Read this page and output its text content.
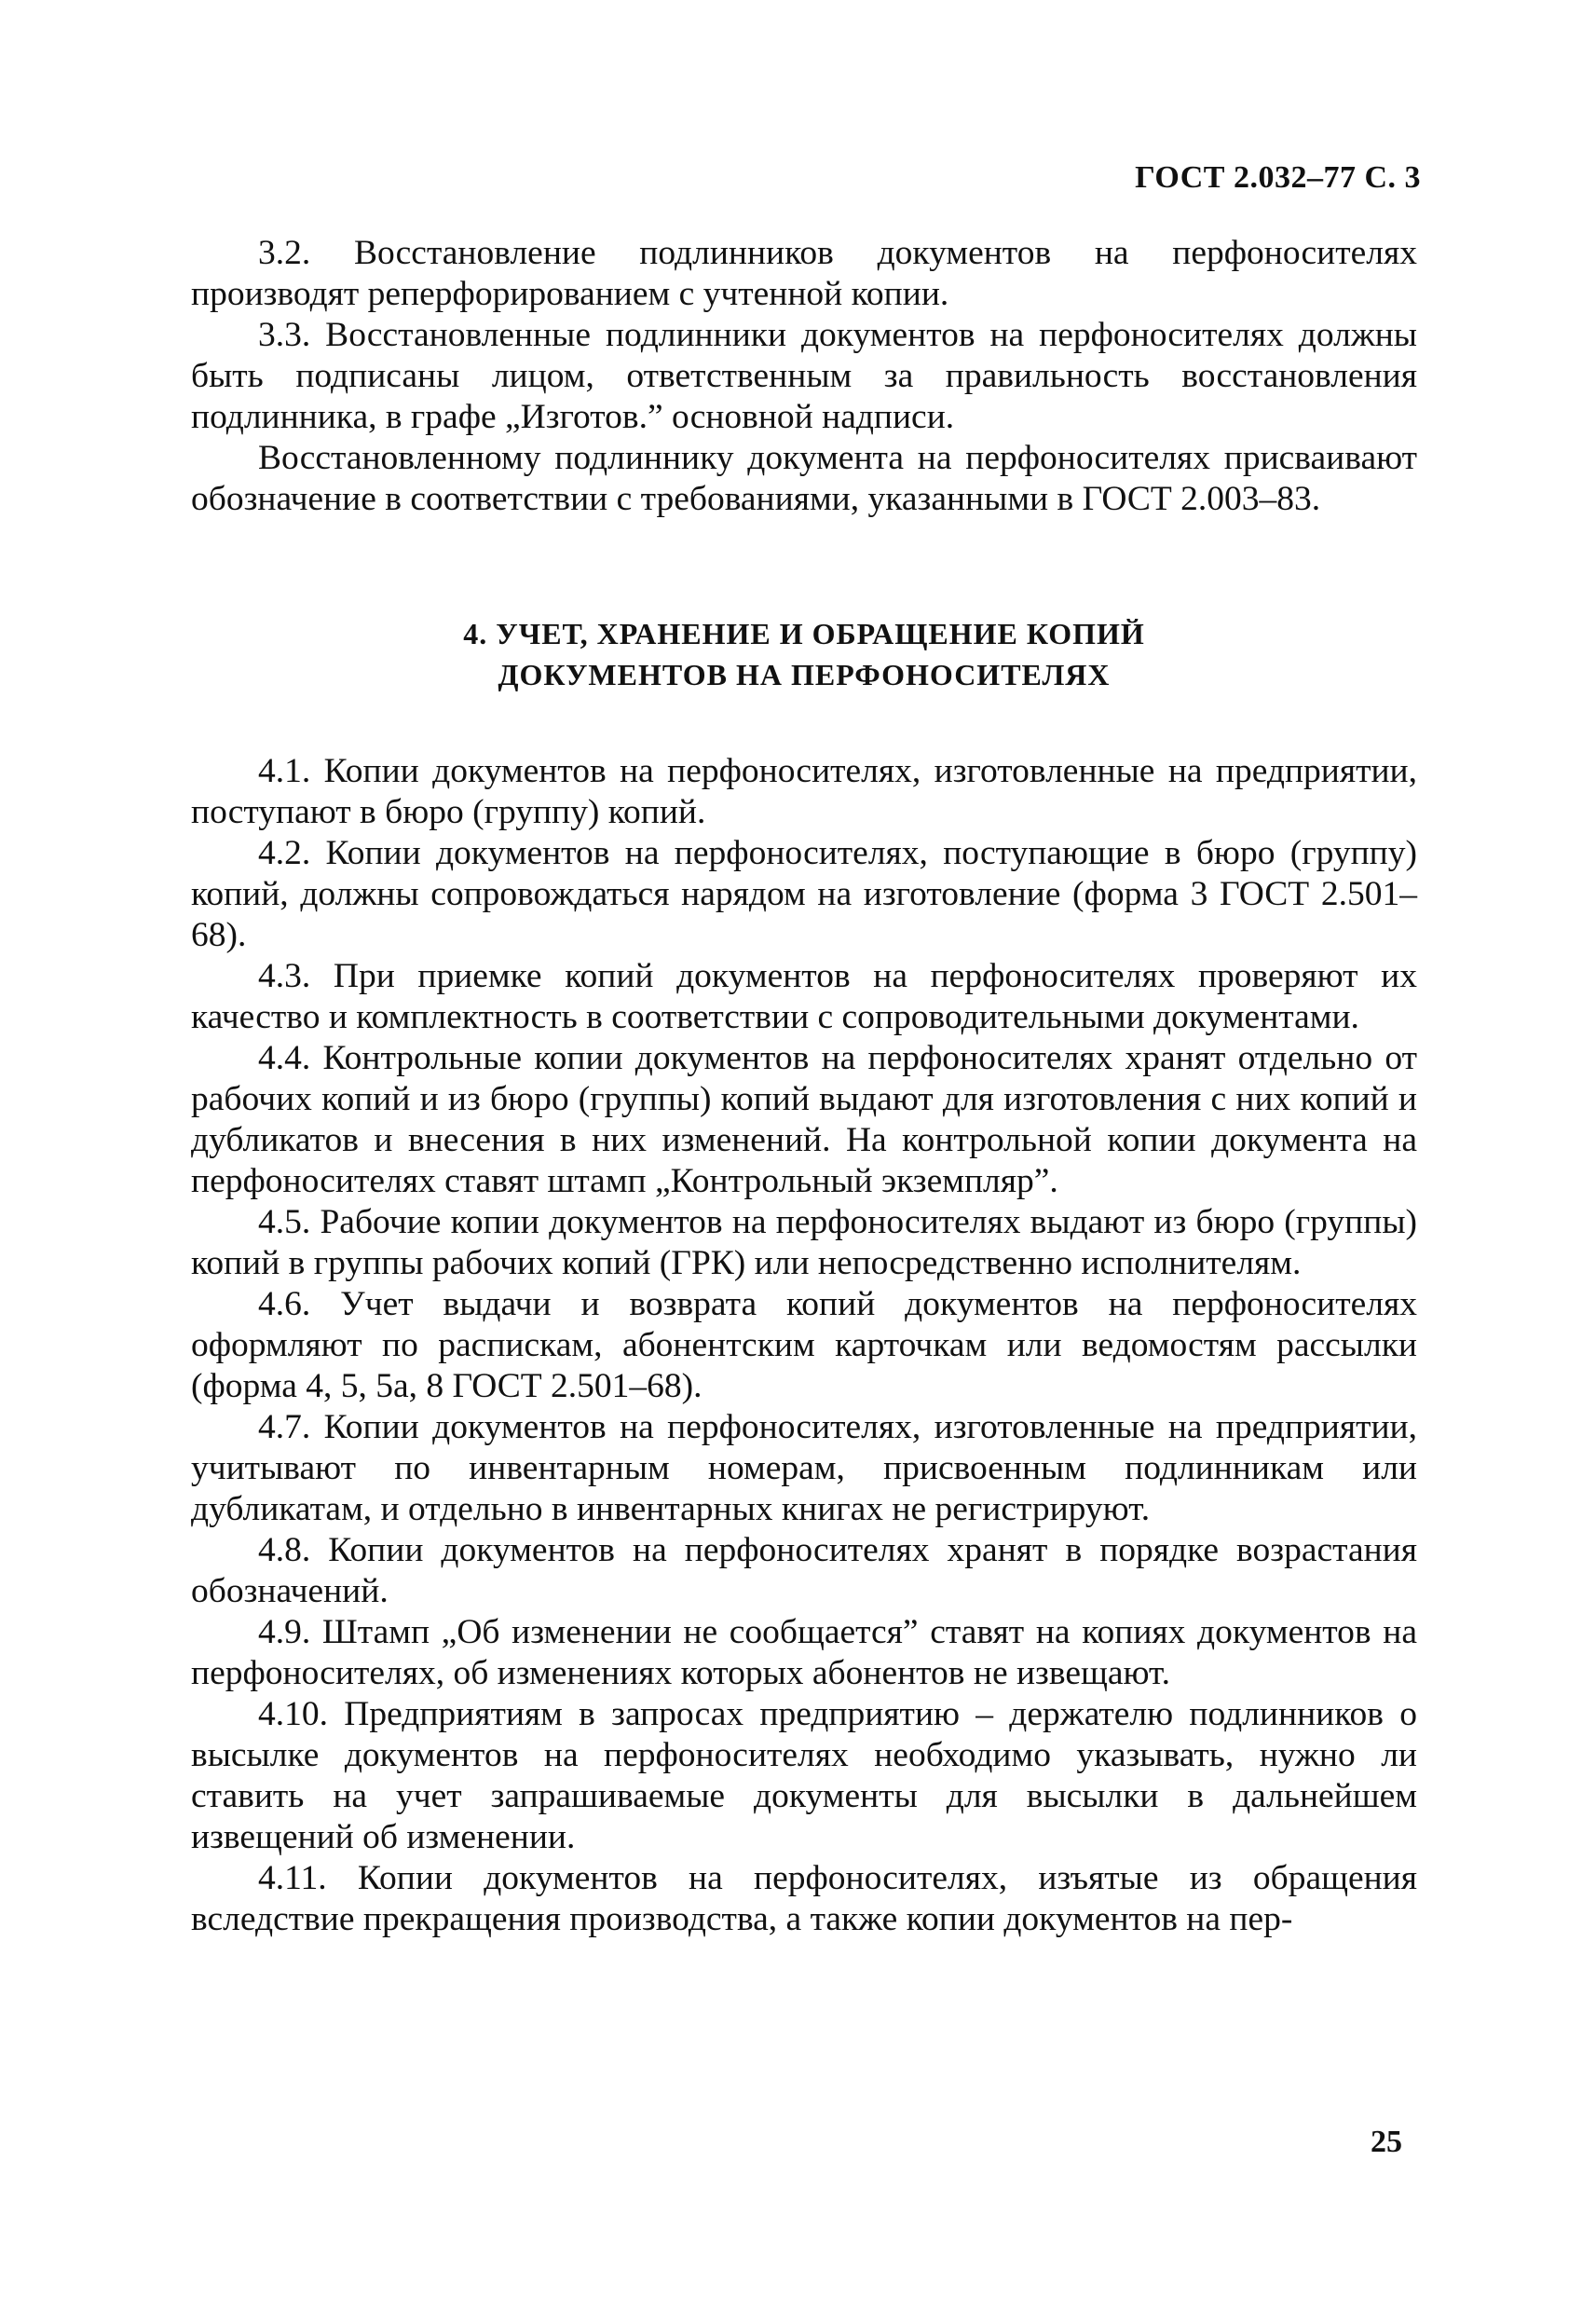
ГОСТ 2.032–77 С. 3

3.2. Восстановление подлинников документов на перфоносителях производят реперфорированием с учтенной копии.

3.3. Восстановленные подлинники документов на перфоносителях должны быть подписаны лицом, ответственным за правильность восстановления подлинника, в графе „Изготов.” основной надписи.

Восстановленному подлиннику документа на перфоносителях присваивают обозначение в соответствии с требованиями, указанными в ГОСТ 2.003–83.

4. УЧЕТ, ХРАНЕНИЕ И ОБРАЩЕНИЕ КОПИЙ
ДОКУМЕНТОВ НА ПЕРФОНОСИТЕЛЯХ

4.1. Копии документов на перфоносителях, изготовленные на предприятии, поступают в бюро (группу) копий.

4.2. Копии документов на перфоносителях, поступающие в бюро (группу) копий, должны сопровождаться нарядом на изготовление (форма 3 ГОСТ 2.501–68).

4.3. При приемке копий документов на перфоносителях проверяют их качество и комплектность в соответствии с сопроводительными документами.

4.4. Контрольные копии документов на перфоносителях хранят отдельно от рабочих копий и из бюро (группы) копий выдают для изготовления с них копий и дубликатов и внесения в них изменений. На контрольной копии документа на перфоносителях ставят штамп „Контрольный экземпляр”.

4.5. Рабочие копии документов на перфоносителях выдают из бюро (группы) копий в группы рабочих копий (ГРК) или непосредственно исполнителям.

4.6. Учет выдачи и возврата копий документов на перфоносителях оформляют по распискам, абонентским карточкам или ведомостям рассылки (форма 4, 5, 5а, 8 ГОСТ 2.501–68).

4.7. Копии документов на перфоносителях, изготовленные на предприятии, учитывают по инвентарным номерам, присвоенным подлинникам или дубликатам, и отдельно в инвентарных книгах не регистрируют.

4.8. Копии документов на перфоносителях хранят в порядке возрастания обозначений.

4.9. Штамп „Об изменении не сообщается” ставят на копиях документов на перфоносителях, об изменениях которых абонентов не извещают.

4.10. Предприятиям в запросах предприятию – держателю подлинников о высылке документов на перфоносителях необходимо указывать, нужно ли ставить на учет запрашиваемые документы для высылки в дальнейшем извещений об изменении.

4.11. Копии документов на перфоносителях, изъятые из обращения вследствие прекращения производства, а также копии документов на пер-

25
